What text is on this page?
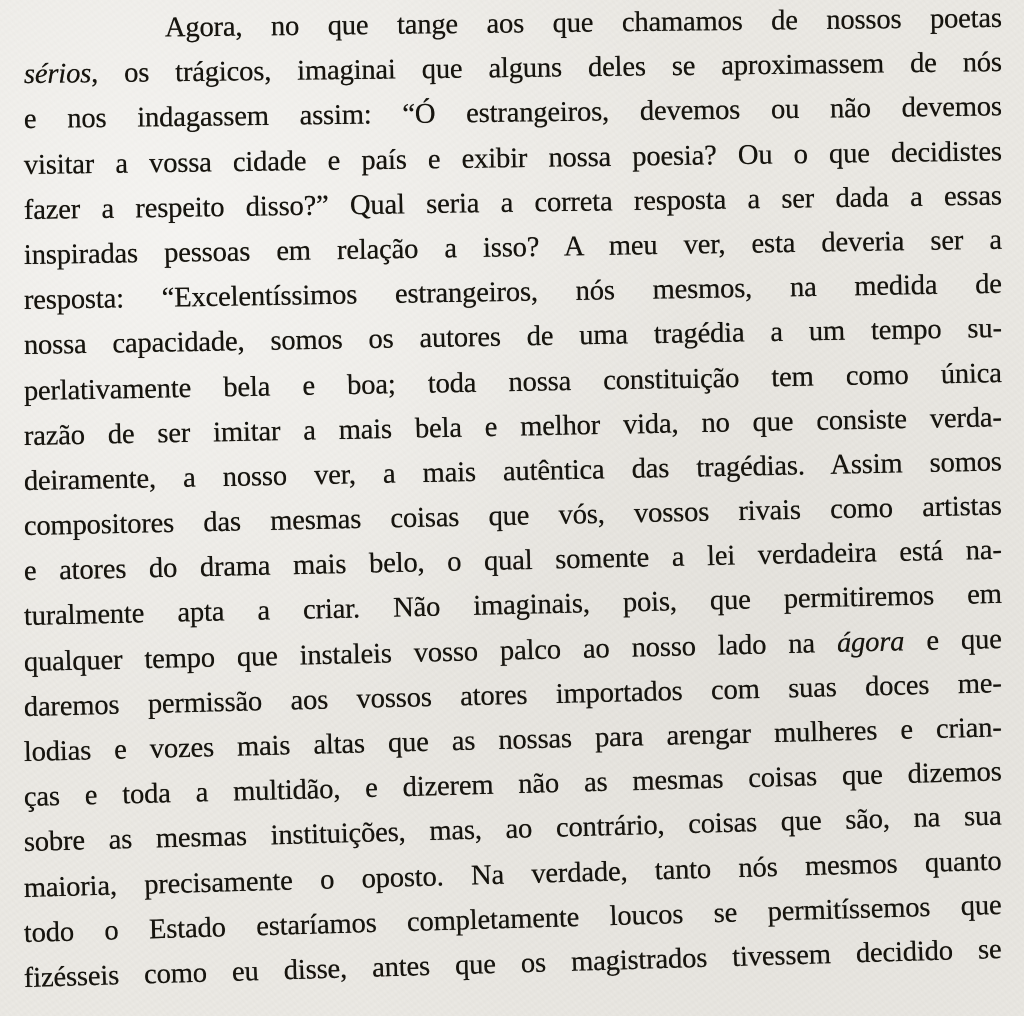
Agora, no que tange aos que chamamos de nossos poetas
sérios, os trágicos, imaginai que alguns deles se aproximassem de nós
e nos indagassem assim: “Ó estrangeiros, devemos ou não devemos
visitar a vossa cidade e país e exibir nossa poesia? Ou o que decidistes
fazer a respeito disso?” Qual seria a correta resposta a ser dada a essas
inspiradas pessoas em relação a isso? A meu ver, esta deveria ser a
resposta: “Excelentíssimos estrangeiros, nós mesmos, na medida de
nossa capacidade, somos os autores de uma tragédia a um tempo su-
perlativamente bela e boa; toda nossa constituição tem como única
razão de ser imitar a mais bela e melhor vida, no que consiste verda-
deiramente, a nosso ver, a mais autêntica das tragédias. Assim somos
compositores das mesmas coisas que vós, vossos rivais como artistas
e atores do drama mais belo, o qual somente a lei verdadeira está na-
turalmente apta a criar. Não imaginais, pois, que permitiremos em
qualquer tempo que instaleis vosso palco ao nosso lado na ágora e que
daremos permissão aos vossos atores importados com suas doces me-
lodias e vozes mais altas que as nossas para arengar mulheres e crian-
ças e toda a multidão, e dizerem não as mesmas coisas que dizemos
sobre as mesmas instituições, mas, ao contrário, coisas que são, na sua
maioria, precisamente o oposto. Na verdade, tanto nós mesmos quanto
todo o Estado estaríamos completamente loucos se permitíssemos que
fizésseis como eu disse, antes que os magistrados tivessem decidido se
